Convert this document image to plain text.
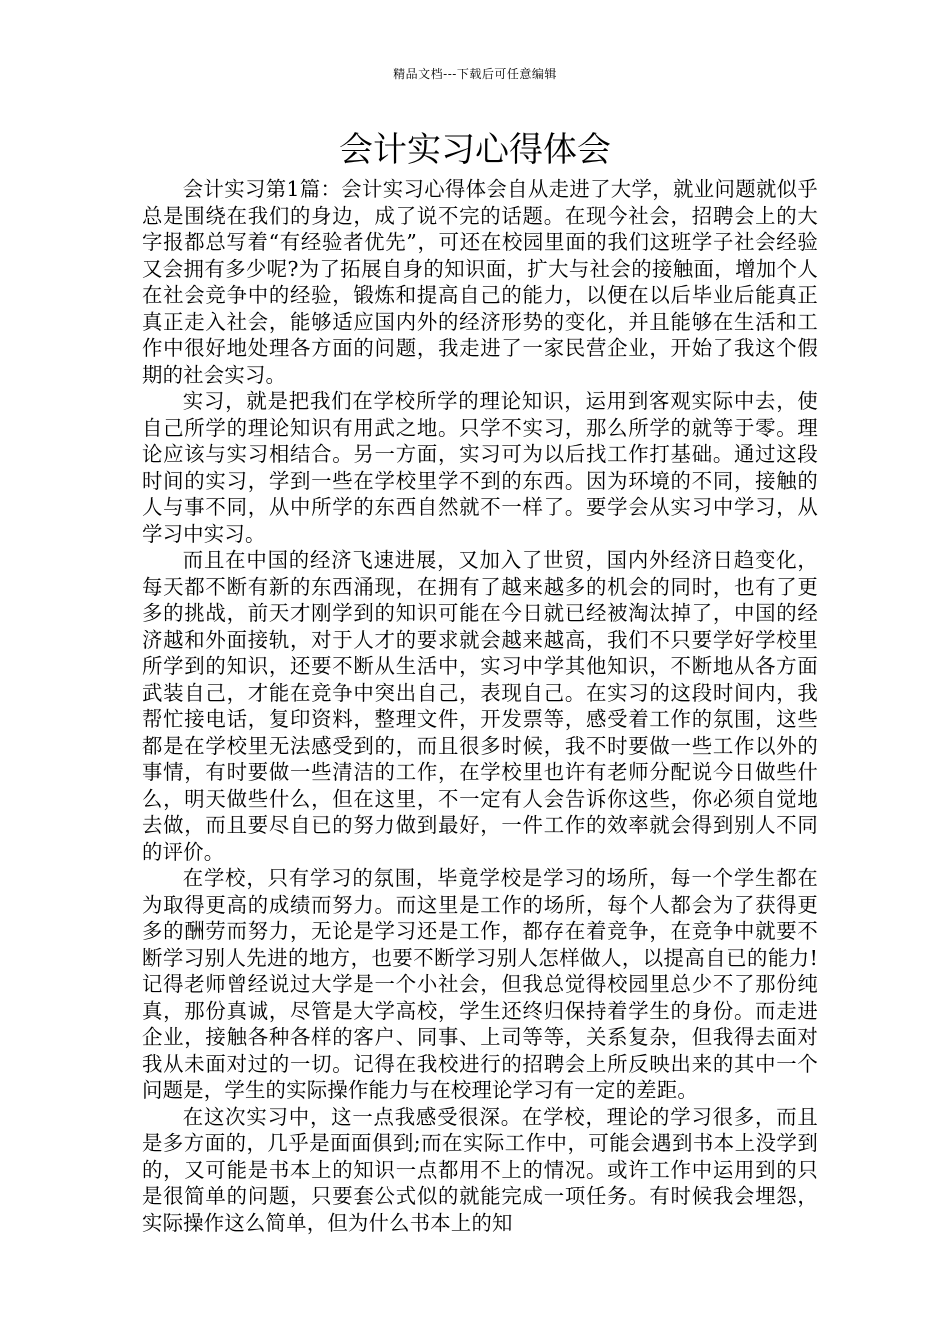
精品文档---下载后可任意编辑
会计实习心得体会

会计实习第1篇：会计实习心得体会自从走进了大学，就业问题就似乎总是围绕在我们的身边，成了说不完的话题。在现今社会，招聘会上的大字报都总写着“有经验者优先”，可还在校园里面的我们这班学子社会经验又会拥有多少呢?为了拓展自身的知识面，扩大与社会的接触面，增加个人在社会竞争中的经验，锻炼和提高自己的能力，以便在以后毕业后能真正真正走入社会，能够适应国内外的经济形势的变化，并且能够在生活和工作中很好地处理各方面的问题，我走进了一家民营企业，开始了我这个假期的社会实习。

实习，就是把我们在学校所学的理论知识，运用到客观实际中去，使自己所学的理论知识有用武之地。只学不实习，那么所学的就等于零。理论应该与实习相结合。另一方面，实习可为以后找工作打基础。通过这段时间的实习，学到一些在学校里学不到的东西。因为环境的不同，接触的人与事不同，从中所学的东西自然就不一样了。要学会从实习中学习，从学习中实习。

而且在中国的经济飞速进展，又加入了世贸，国内外经济日趋变化，每天都不断有新的东西涌现，在拥有了越来越多的机会的同时，也有了更多的挑战，前天才刚学到的知识可能在今日就已经被淘汰掉了，中国的经济越和外面接轨，对于人才的要求就会越来越高，我们不只要学好学校里所学到的知识，还要不断从生活中，实习中学其他知识，不断地从各方面武装自己，才能在竞争中突出自己，表现自己。在实习的这段时间内，我帮忙接电话，复印资料，整理文件，开发票等，感受着工作的氛围，这些都是在学校里无法感受到的，而且很多时候，我不时要做一些工作以外的事情，有时要做一些清洁的工作，在学校里也许有老师分配说今日做些什么，明天做些什么，但在这里，不一定有人会告诉你这些，你必须自觉地去做，而且要尽自已的努力做到最好，一件工作的效率就会得到别人不同的评价。

在学校，只有学习的氛围，毕竟学校是学习的场所，每一个学生都在为取得更高的成绩而努力。而这里是工作的场所，每个人都会为了获得更多的酬劳而努力，无论是学习还是工作，都存在着竞争，在竞争中就要不断学习别人先进的地方，也要不断学习别人怎样做人，以提高自已的能力!记得老师曾经说过大学是一个小社会，但我总觉得校园里总少不了那份纯真，那份真诚，尽管是大学高校，学生还终归保持着学生的身份。而走进企业，接触各种各样的客户、同事、上司等等，关系复杂，但我得去面对我从未面对过的一切。记得在我校进行的招聘会上所反映出来的其中一个问题是，学生的实际操作能力与在校理论学习有一定的差距。

在这次实习中，这一点我感受很深。在学校，理论的学习很多，而且是多方面的，几乎是面面俱到;而在实际工作中，可能会遇到书本上没学到的，又可能是书本上的知识一点都用不上的情况。或许工作中运用到的只是很简单的问题，只要套公式似的就能完成一项任务。有时候我会埋怨，实际操作这么简单，但为什么书本上的知
